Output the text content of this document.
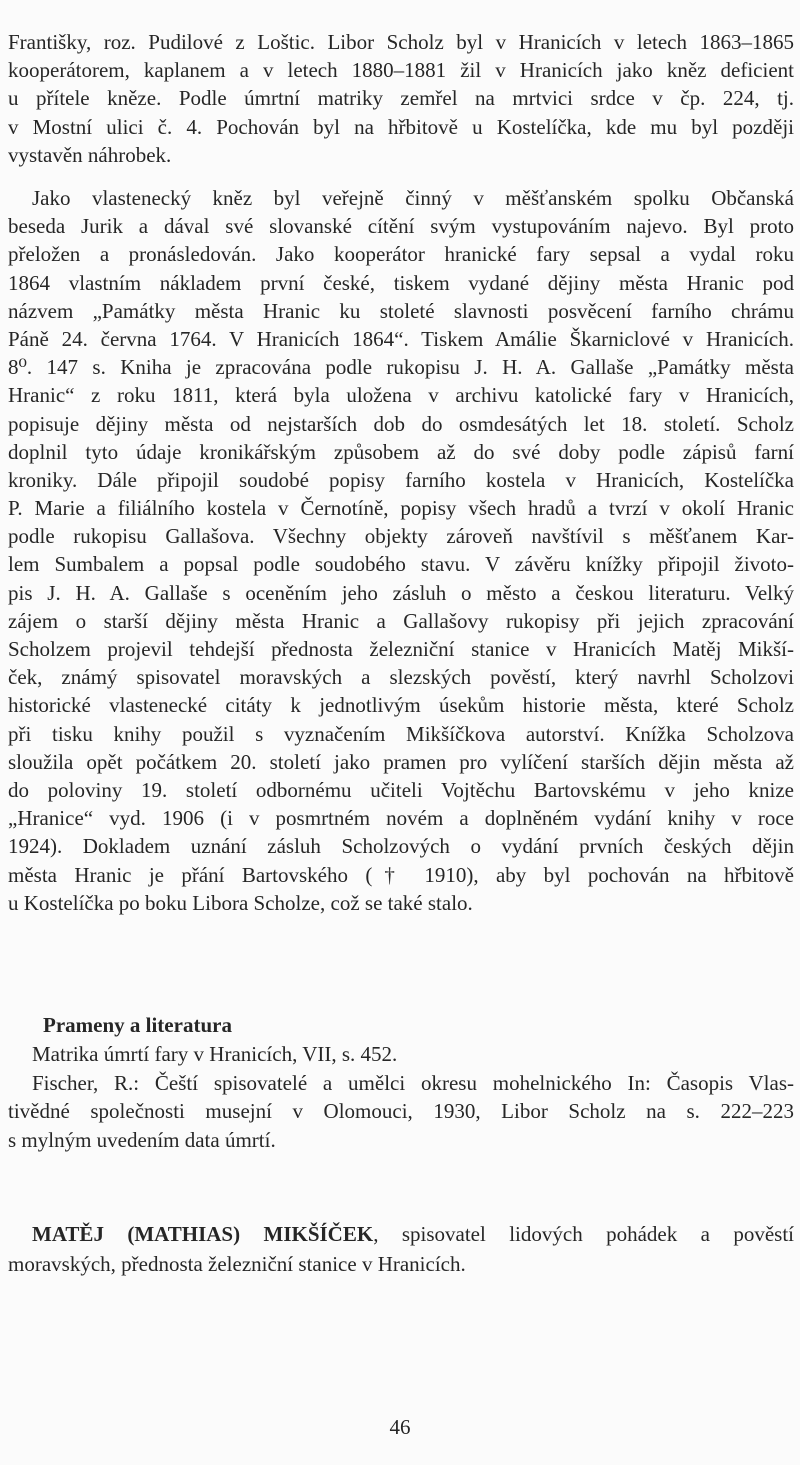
Františky, roz. Pudilové z Loštic. Libor Scholz byl v Hranicích v letech 1863–1865
kooperátorem, kaplanem a v letech 1880–1881 žil v Hranicích jako kněz deficient
u přítele kněze. Podle úmrtní matriky zemřel na mrtvici srdce v čp. 224, tj.
v Mostní ulici č. 4. Pochován byl na hřbitově u Kostelíčka, kde mu byl později
vystavěn náhrobek.
Jako vlastenecký kněz byl veřejně činný v měšťanském spolku Občanská
beseda Jurik a dával své slovanské cítění svým vystupováním najevo. Byl proto
přeložen a pronásledován. Jako kooperátor hranické fary sepsal a vydal roku
1864 vlastním nákladem první české, tiskem vydané dějiny města Hranic pod
názvem „Památky města Hranic ku stoleté slavnosti posvěcení farního chrámu
Páně 24. června 1764. V Hranicích 1864“. Tiskem Amálie Škarniclové v Hranicích.
8⁰. 147 s. Kniha je zpracována podle rukopisu J. H. A. Gallaše „Památky města
Hranic“ z roku 1811, která byla uložena v archivu katolické fary v Hranicích,
popisuje dějiny města od nejstarších dob do osmdesátých let 18. století. Scholz
doplnil tyto údaje kronikářským způsobem až do své doby podle zápisů farní
kroniky. Dále připojil soudobé popisy farního kostela v Hranicích, Kostelíčka
P. Marie a filiálního kostela v Černotíně, popisy všech hradů a tvrzí v okolí Hranic
podle rukopisu Gallašova. Všechny objekty zároveň navštívil s měšťanem Kar-
lem Sumbalem a popsal podle soudobého stavu. V závěru knížky připojil životo-
pis J. H. A. Gallaše s oceněním jeho zásluh o město a českou literaturu. Velký
zájem o starší dějiny města Hranic a Gallašovy rukopisy při jejich zpracování
Scholzem projevil tehdejší přednosta železniční stanice v Hranicích Matěj Mikší-
ček, známý spisovatel moravských a slezských pověstí, který navrhl Scholzovi
historické vlastenecké citáty k jednotlivým úsekům historie města, které Scholz
při tisku knihy použil s vyznačením Mikšíčkova autorství. Knížka Scholzova
sloužila opět počátkem 20. století jako pramen pro vylíčení starších dějin města až
do poloviny 19. století odbornému učiteli Vojtěchu Bartovskému v jeho knize
„Hranice“ vyd. 1906 (i v posmrtném novém a doplněném vydání knihy v roce
1924). Dokladem uznání zásluh Scholzových o vydání prvních českých dějin
města Hranic je přání Bartovského († 1910), aby byl pochován na hřbitově
u Kostelíčka po boku Libora Scholze, což se také stalo.
Prameny a literatura
Matrika úmrtí fary v Hranicích, VII, s. 452.
Fischer, R.: Čeští spisovatelé a umělci okresu mohelnického In: Časopis Vlas-
tivědné společnosti musejní v Olomouci, 1930, Libor Scholz na s. 222–223
s mylným uvedením data úmrtí.
MATĚJ (MATHIAS) MIKŠÍČEK, spisovatel lidových pohádek a pověstí
moravských, přednosta železniční stanice v Hranicích.
46
